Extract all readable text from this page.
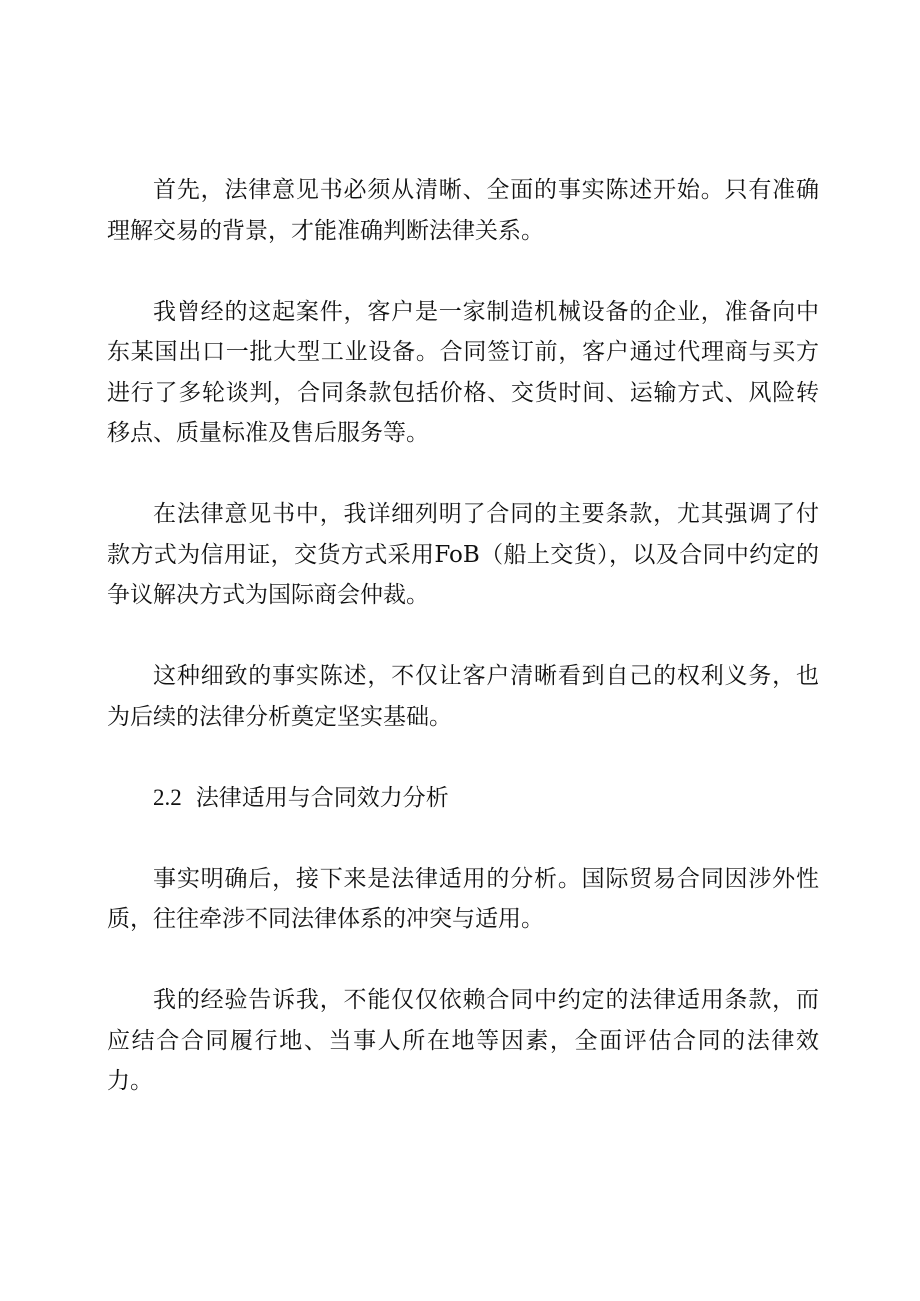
首先，法律意见书必须从清晰、全面的事实陈述开始。只有准确理解交易的背景，才能准确判断法律关系。

我曾经的这起案件，客户是一家制造机械设备的企业，准备向中东某国出口一批大型工业设备。合同签订前，客户通过代理商与买方进行了多轮谈判，合同条款包括价格、交货时间、运输方式、风险转移点、质量标准及售后服务等。

在法律意见书中，我详细列明了合同的主要条款，尤其强调了付款方式为信用证，交货方式采用FoB（船上交货），以及合同中约定的争议解决方式为国际商会仲裁。

这种细致的事实陈述，不仅让客户清晰看到自己的权利义务，也为后续的法律分析奠定坚实基础。

2.2 法律适用与合同效力分析

事实明确后，接下来是法律适用的分析。国际贸易合同因涉外性质，往往牵涉不同法律体系的冲突与适用。

我的经验告诉我，不能仅仅依赖合同中约定的法律适用条款，而应结合合同履行地、当事人所在地等因素，全面评估合同的法律效力。
